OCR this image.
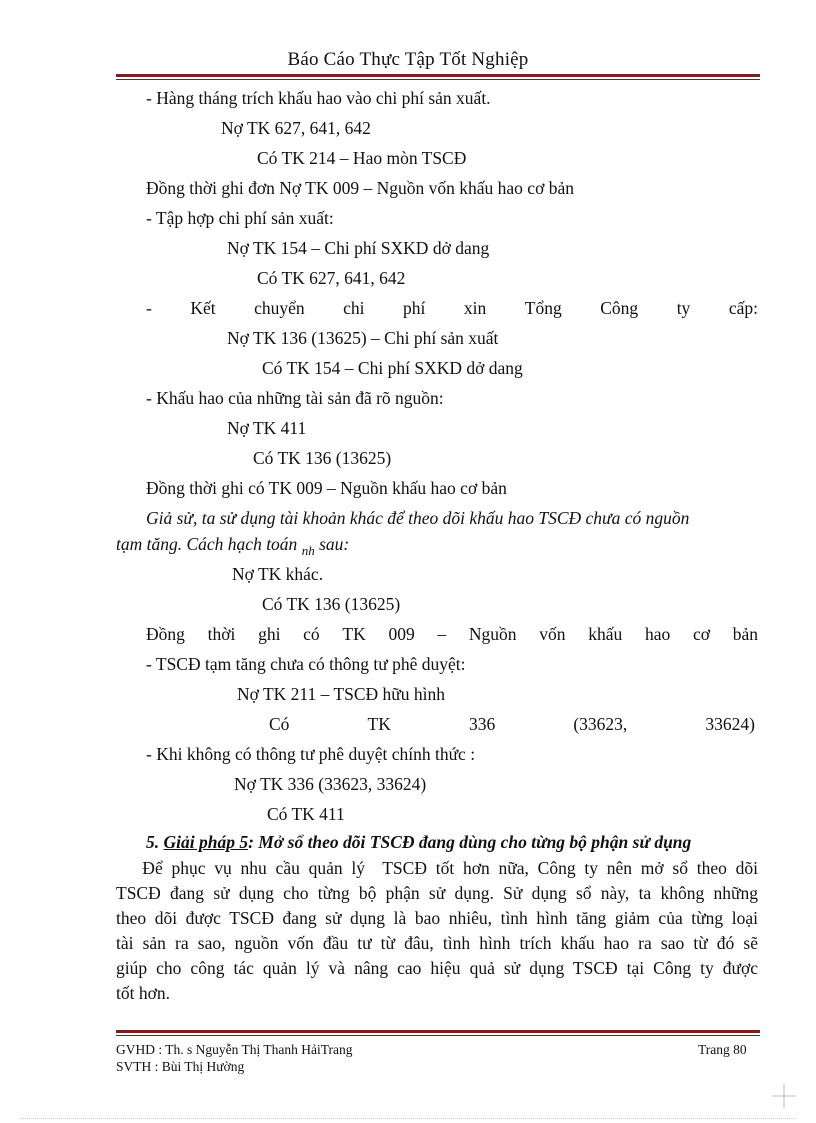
Báo Cáo Thực Tập Tốt Nghiệp
- Hàng tháng trích khấu hao vào chi phí sản xuất.
Nợ TK 627, 641, 642
Có TK 214 – Hao mòn TSCĐ
Đồng thời ghi đơn Nợ TK 009 – Nguồn vốn khấu hao cơ bản
- Tập hợp chi phí sản xuất:
Nợ TK 154 – Chi phí SXKD dở dang
Có TK 627, 641, 642
- Kết chuyển chi phí xin Tổng Công ty cấp:
Nợ TK 136 (13625) – Chi phí sản xuất
Có TK 154 – Chi phí SXKD dở dang
- Khấu hao của những tài sản đã rõ nguồn:
Nợ TK 411
Có TK 136 (13625)
Đồng thời ghi có TK 009 – Nguồn khấu hao cơ bản
Giả sử, ta sử dụng tài khoản khác để theo dõi khấu hao TSCĐ chưa có nguồn
tạm tăng. Cách hạch toán $_{nh}$ sau:
Nợ TK khác.
Có TK 136 (13625)
Đồng thời ghi có TK 009 – Nguồn vốn khấu hao cơ bản
- TSCĐ tạm tăng chưa có thông tư phê duyệt:
Nợ TK 211 – TSCĐ hữu hình
Có	TK	336	(33623,	33624)
- Khi không có thông tư phê duyệt chính thức :
Nợ TK 336 (33623, 33624)
Có TK 411
5. Giải pháp 5: Mở sổ theo dõi TSCĐ đang dùng cho từng bộ phận sử dụng
Để phục vụ nhu cầu quản lý  TSCĐ tốt hơn nữa, Công ty nên mở sổ theo dõi
TSCĐ đang sử dụng cho từng bộ phận sử dụng. Sử dụng sổ này, ta không những
theo dõi được TSCĐ đang sử dụng là bao nhiêu, tình hình tăng giảm của từng loại
tài sản ra sao, nguồn vốn đầu tư từ đâu, tình hình trích khấu hao ra sao từ đó sẽ
giúp cho công tác quản lý và nâng cao hiệu quả sử dụng TSCĐ tại Công ty được
tốt hơn.
GVHD : Th. s Nguyễn Thị Thanh HảiTrang
SVTH : Bùi Thị Hường
Trang 80
